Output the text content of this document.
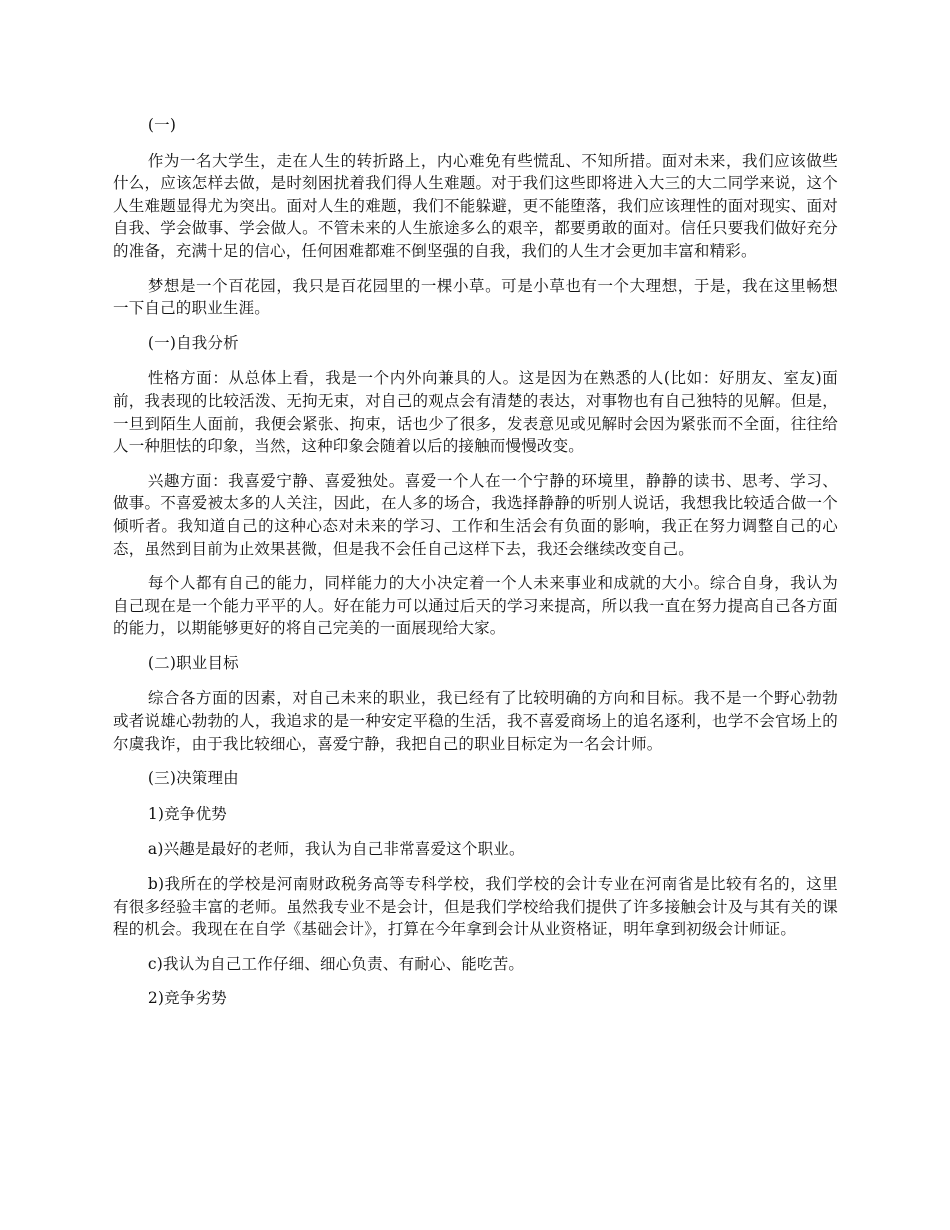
(一)

作为一名大学生，走在人生的转折路上，内心难免有些慌乱、不知所措。面对未来，我们应该做些什么，应该怎样去做，是时刻困扰着我们得人生难题。对于我们这些即将进入大三的大二同学来说，这个人生难题显得尤为突出。面对人生的难题，我们不能躲避，更不能堕落，我们应该理性的面对现实、面对自我、学会做事、学会做人。不管未来的人生旅途多么的艰辛，都要勇敢的面对。信任只要我们做好充分的准备，充满十足的信心，任何困难都难不倒坚强的自我，我们的人生才会更加丰富和精彩。

梦想是一个百花园，我只是百花园里的一棵小草。可是小草也有一个大理想，于是，我在这里畅想一下自己的职业生涯。

(一)自我分析

性格方面：从总体上看，我是一个内外向兼具的人。这是因为在熟悉的人(比如：好朋友、室友)面前，我表现的比较活泼、无拘无束，对自己的观点会有清楚的表达，对事物也有自己独特的见解。但是，一旦到陌生人面前，我便会紧张、拘束，话也少了很多，发表意见或见解时会因为紧张而不全面，往往给人一种胆怯的印象，当然，这种印象会随着以后的接触而慢慢改变。

兴趣方面：我喜爱宁静、喜爱独处。喜爱一个人在一个宁静的环境里，静静的读书、思考、学习、做事。不喜爱被太多的人关注，因此，在人多的场合，我选择静静的听别人说话，我想我比较适合做一个倾听者。我知道自己的这种心态对未来的学习、工作和生活会有负面的影响，我正在努力调整自己的心态，虽然到目前为止效果甚微，但是我不会任自己这样下去，我还会继续改变自己。

每个人都有自己的能力，同样能力的大小决定着一个人未来事业和成就的大小。综合自身，我认为自己现在是一个能力平平的人。好在能力可以通过后天的学习来提高，所以我一直在努力提高自己各方面的能力，以期能够更好的将自己完美的一面展现给大家。

(二)职业目标

综合各方面的因素，对自己未来的职业，我已经有了比较明确的方向和目标。我不是一个野心勃勃或者说雄心勃勃的人，我追求的是一种安定平稳的生活，我不喜爱商场上的追名逐利，也学不会官场上的尔虞我诈，由于我比较细心，喜爱宁静，我把自己的职业目标定为一名会计师。

(三)决策理由

1)竞争优势

a)兴趣是最好的老师，我认为自己非常喜爱这个职业。

b)我所在的学校是河南财政税务高等专科学校，我们学校的会计专业在河南省是比较有名的，这里有很多经验丰富的老师。虽然我专业不是会计，但是我们学校给我们提供了许多接触会计及与其有关的课程的机会。我现在在自学《基础会计》，打算在今年拿到会计从业资格证，明年拿到初级会计师证。

c)我认为自己工作仔细、细心负责、有耐心、能吃苦。

2)竞争劣势
